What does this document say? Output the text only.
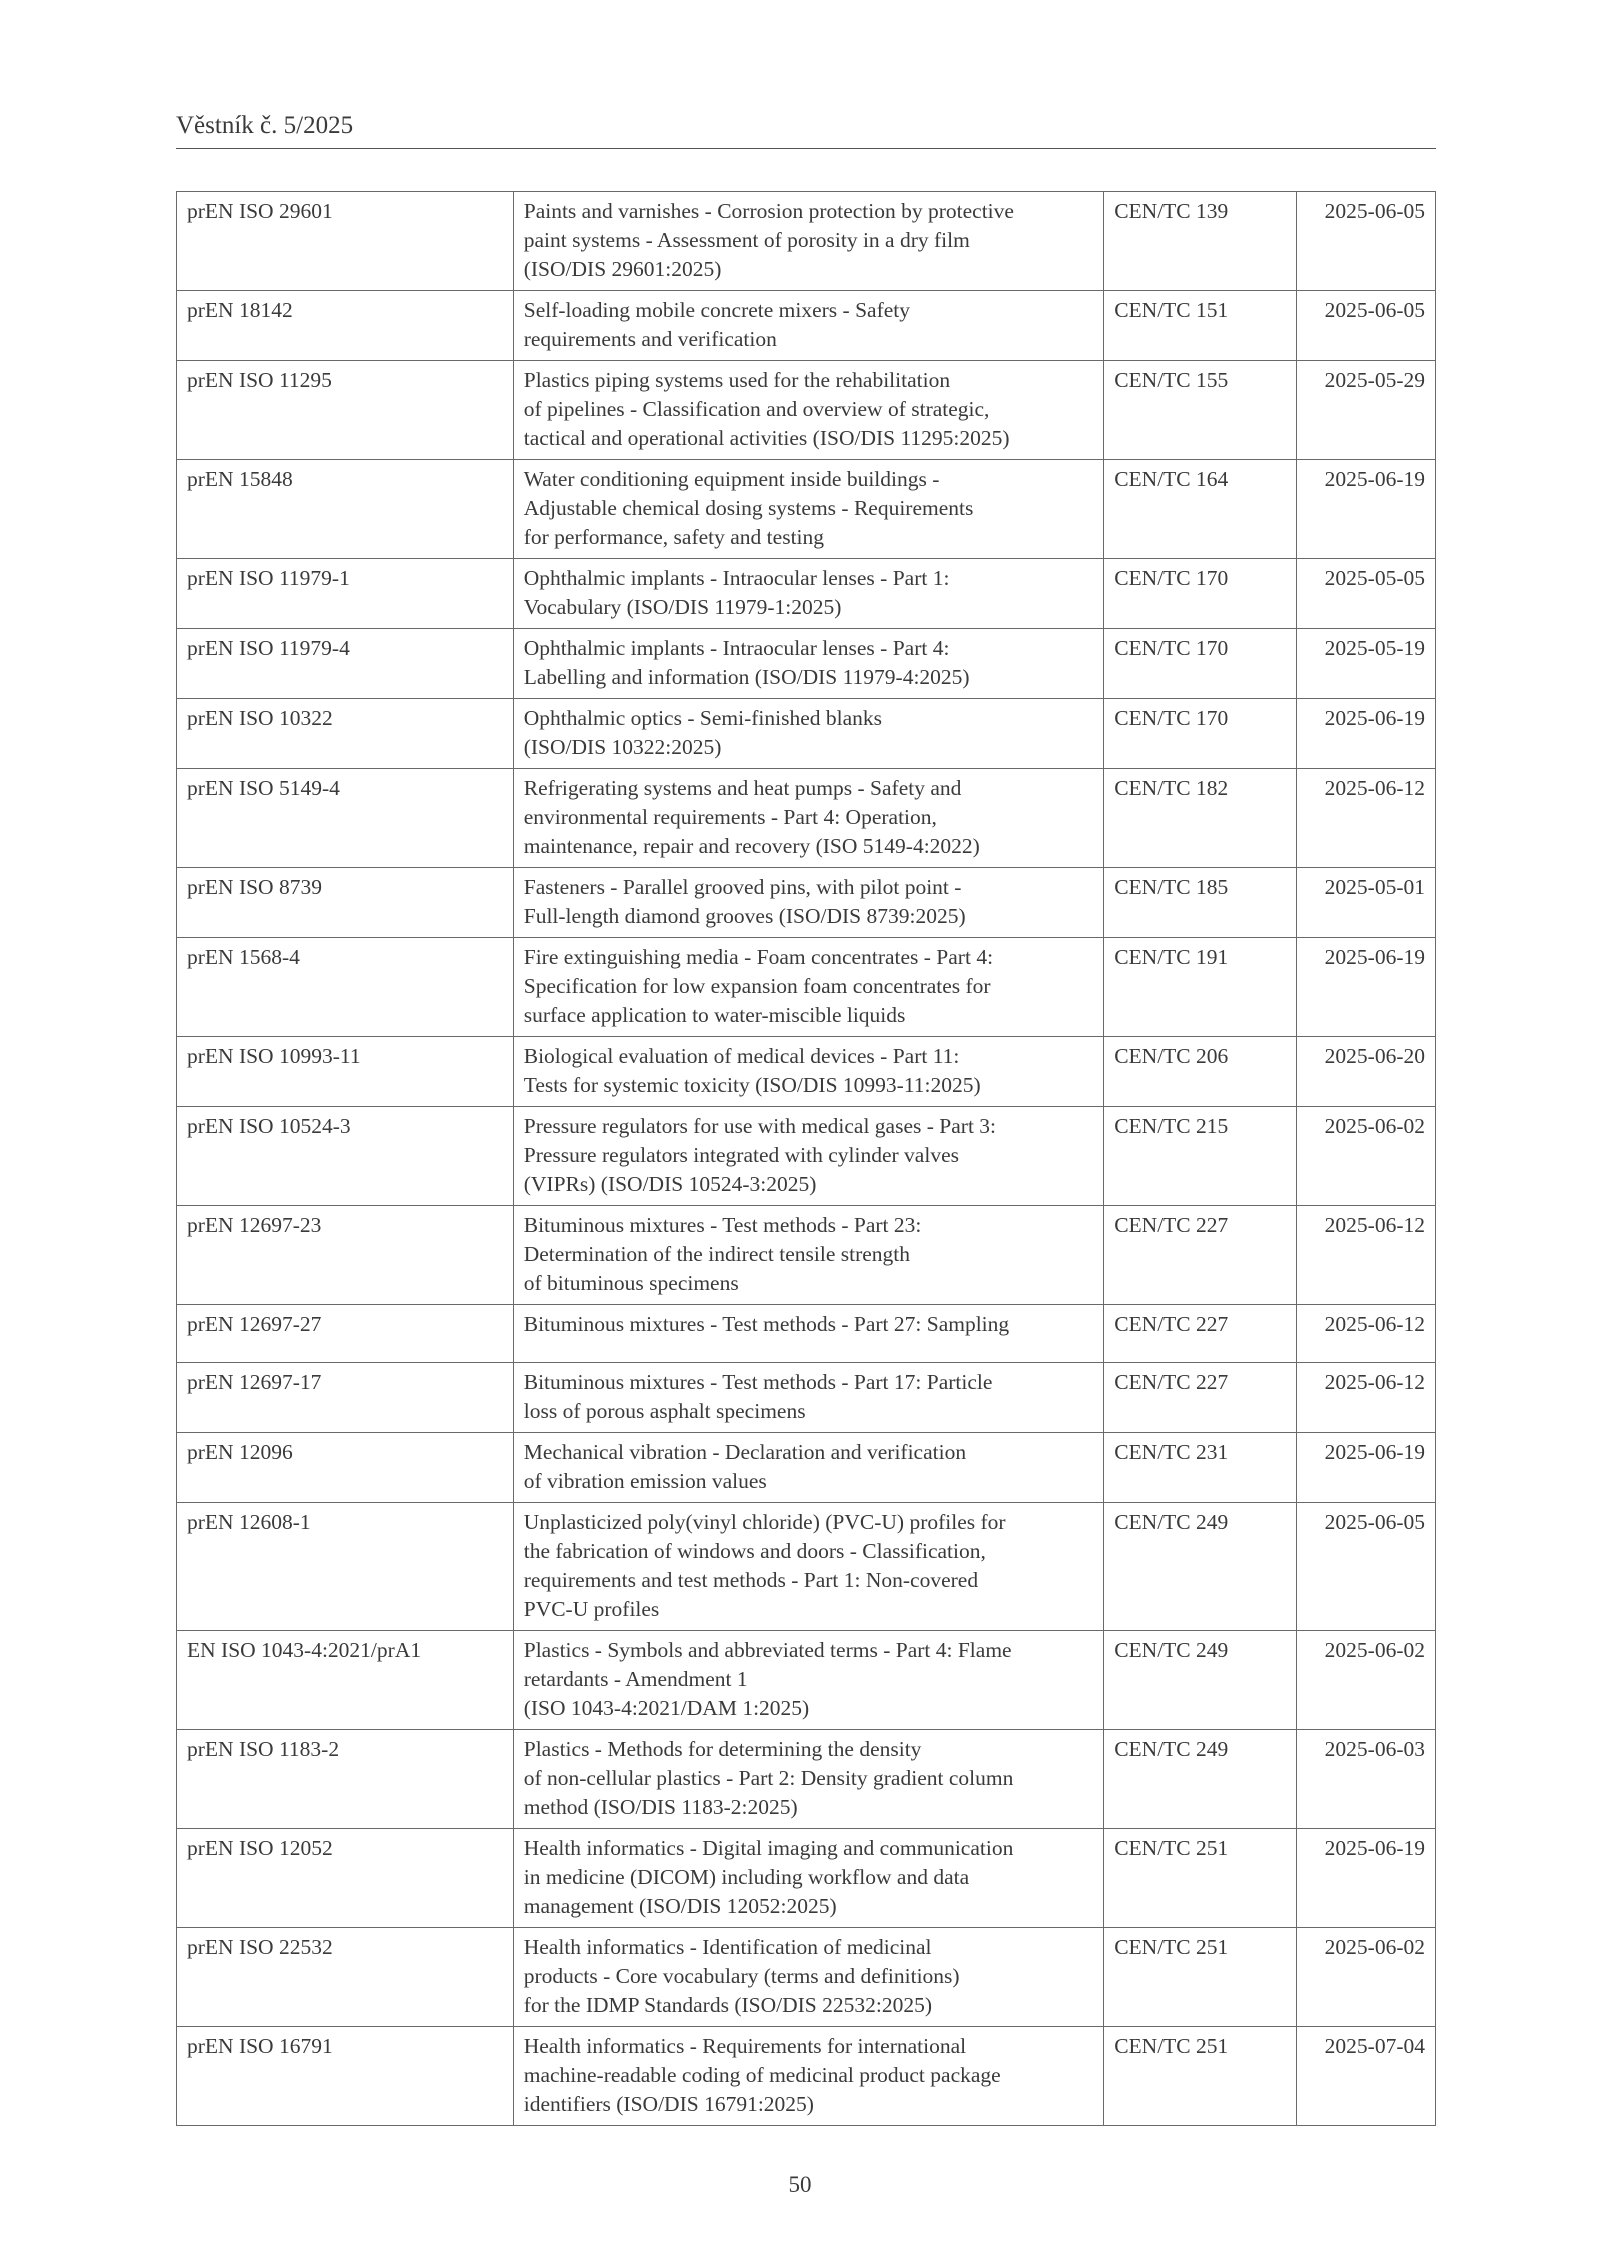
Věstník č. 5/2025
prEN ISO 29601	Paints and varnishes - Corrosion protection by protective
paint systems - Assessment of porosity in a dry film
(ISO/DIS 29601:2025)	CEN/TC 139	2025-06-05
prEN 18142	Self-loading mobile concrete mixers - Safety
requirements and verification	CEN/TC 151	2025-06-05
prEN ISO 11295	Plastics piping systems used for the rehabilitation
of pipelines - Classification and overview of strategic,
tactical and operational activities (ISO/DIS 11295:2025)	CEN/TC 155	2025-05-29
prEN 15848	Water conditioning equipment inside buildings -
Adjustable chemical dosing systems - Requirements
for performance, safety and testing	CEN/TC 164	2025-06-19
prEN ISO 11979-1	Ophthalmic implants - Intraocular lenses - Part 1:
Vocabulary (ISO/DIS 11979-1:2025)	CEN/TC 170	2025-05-05
prEN ISO 11979-4	Ophthalmic implants - Intraocular lenses - Part 4:
Labelling and information (ISO/DIS 11979-4:2025)	CEN/TC 170	2025-05-19
prEN ISO 10322	Ophthalmic optics - Semi-finished blanks
(ISO/DIS 10322:2025)	CEN/TC 170	2025-06-19
prEN ISO 5149-4	Refrigerating systems and heat pumps - Safety and
environmental requirements - Part 4: Operation,
maintenance, repair and recovery (ISO 5149-4:2022)	CEN/TC 182	2025-06-12
prEN ISO 8739	Fasteners - Parallel grooved pins, with pilot point -
Full-length diamond grooves (ISO/DIS 8739:2025)	CEN/TC 185	2025-05-01
prEN 1568-4	Fire extinguishing media - Foam concentrates - Part 4:
Specification for low expansion foam concentrates for
surface application to water-miscible liquids	CEN/TC 191	2025-06-19
prEN ISO 10993-11	Biological evaluation of medical devices - Part 11:
Tests for systemic toxicity (ISO/DIS 10993-11:2025)	CEN/TC 206	2025-06-20
prEN ISO 10524-3	Pressure regulators for use with medical gases - Part 3:
Pressure regulators integrated with cylinder valves
(VIPRs) (ISO/DIS 10524-3:2025)	CEN/TC 215	2025-06-02
prEN 12697-23	Bituminous mixtures - Test methods - Part 23:
Determination of the indirect tensile strength
of bituminous specimens	CEN/TC 227	2025-06-12
prEN 12697-27	Bituminous mixtures - Test methods - Part 27: Sampling	CEN/TC 227	2025-06-12
prEN 12697-17	Bituminous mixtures - Test methods - Part 17: Particle
loss of porous asphalt specimens	CEN/TC 227	2025-06-12
prEN 12096	Mechanical vibration - Declaration and verification
of vibration emission values	CEN/TC 231	2025-06-19
prEN 12608-1	Unplasticized poly(vinyl chloride) (PVC-U) profiles for
the fabrication of windows and doors - Classification,
requirements and test methods - Part 1: Non-covered
PVC-U profiles	CEN/TC 249	2025-06-05
EN ISO 1043-4:2021/prA1	Plastics - Symbols and abbreviated terms - Part 4: Flame
retardants - Amendment 1
(ISO 1043-4:2021/DAM 1:2025)	CEN/TC 249	2025-06-02
prEN ISO 1183-2	Plastics - Methods for determining the density
of non-cellular plastics - Part 2: Density gradient column
method (ISO/DIS 1183-2:2025)	CEN/TC 249	2025-06-03
prEN ISO 12052	Health informatics - Digital imaging and communication
in medicine (DICOM) including workflow and data
management (ISO/DIS 12052:2025)	CEN/TC 251	2025-06-19
prEN ISO 22532	Health informatics - Identification of medicinal
products - Core vocabulary (terms and definitions)
for the IDMP Standards (ISO/DIS 22532:2025)	CEN/TC 251	2025-06-02
prEN ISO 16791	Health informatics - Requirements for international
machine-readable coding of medicinal product package
identifiers (ISO/DIS 16791:2025)	CEN/TC 251	2025-07-04
50
